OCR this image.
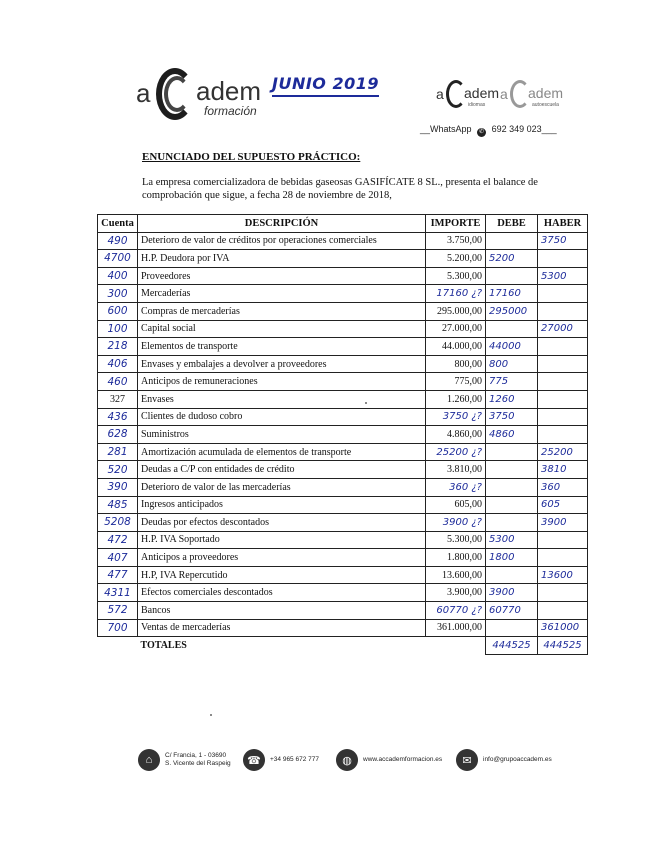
a adem
formación
JUNIO 2019
a adem
idiomas
a adem
autoescuela
__WhatsApp ✆ 692 349 023___
ENUNCIADO DEL SUPUESTO PRÁCTICO:
La empresa comercializadora de bebidas gaseosas GASIFÍCATE 8 SL., presenta el balance de comprobación que sigue, a fecha 28 de noviembre de 2018,
Cuenta	DESCRIPCIÓN	IMPORTE	DEBE	HABER
490	Deterioro de valor de créditos por operaciones comerciales	3.750,00		3750
4700	H.P. Deudora por IVA	5.200,00	5200	
400	Proveedores	5.300,00		5300
300	Mercaderías	17160 ¿?	17160	
600	Compras de mercaderías	295.000,00	295000	
100	Capital social	27.000,00		27000
218	Elementos de transporte	44.000,00	44000	
406	Envases y embalajes a devolver a proveedores	800,00	800	
460	Anticipos de remuneraciones	775,00	775	
327	Envases	1.260,00	1260	
436	Clientes de dudoso cobro	3750 ¿?	3750	
628	Suministros	4.860,00	4860	
281	Amortización acumulada de elementos de transporte	25200 ¿?		25200
520	Deudas a C/P con entidades de crédito	3.810,00		3810
390	Deterioro de valor de las mercaderías	360 ¿?		360
485	Ingresos anticipados	605,00		605
5208	Deudas por efectos descontados	3900 ¿?		3900
472	H.P. IVA Soportado	5.300,00	5300	
407	Anticipos a proveedores	1.800,00	1800	
477	H.P, IVA Repercutido	13.600,00		13600
4311	Efectos comerciales descontados	3.900,00	3900	
572	Bancos	60770 ¿?	60770	
700	Ventas de mercaderías	361.000,00		361000
	TOTALES		444525	444525
⌂	C/ Francia, 1 - 03690
S. Vicente del Raspeig	☎	+34 965 672 777	◍	www.accademformacion.es	✉	info@grupoaccadem.es
